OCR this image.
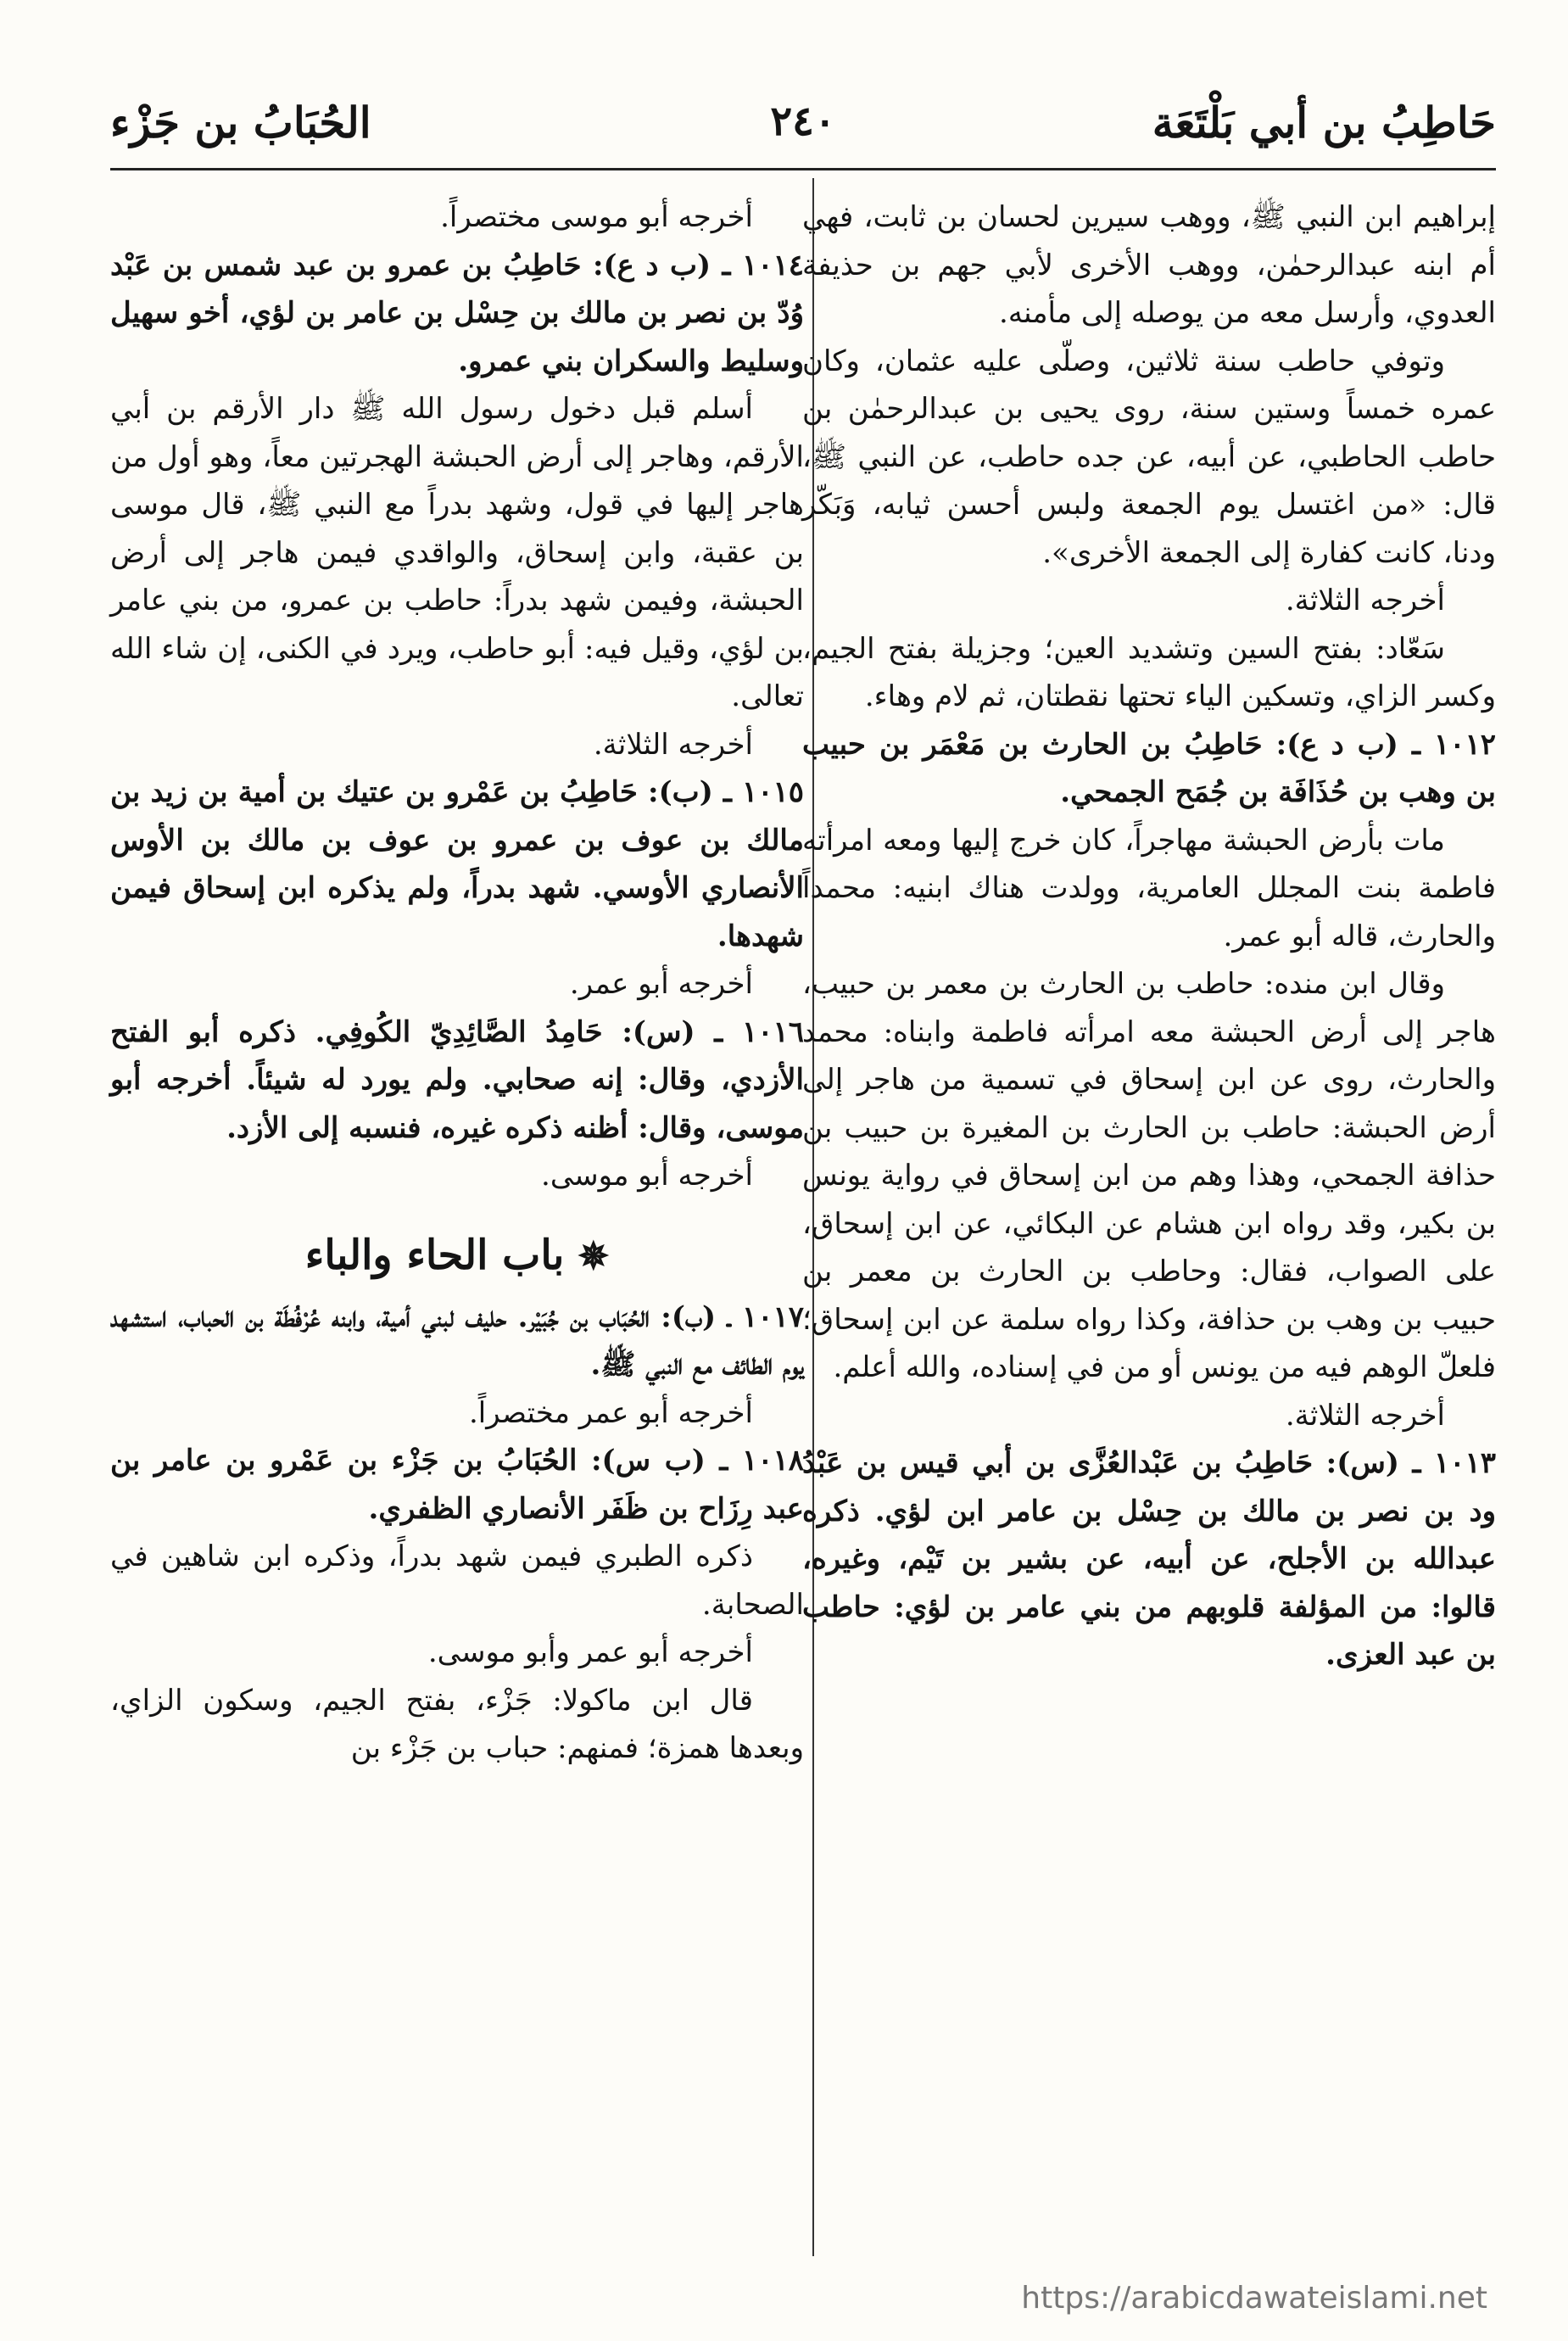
الحُبَابُ بن جَزْء	٢٤٠	حَاطِبُ بن أبي بَلْتَعَة

إبراهيم ابن النبي ﷺ، ووهب سيرين لحسان بن ثابت، فهي أم ابنه عبدالرحمٰن، ووهب الأخرى لأبي جهم بن حذيفة العدوي، وأرسل معه من يوصله إلى مأمنه.

وتوفي حاطب سنة ثلاثين، وصلّى عليه عثمان، وكان عمره خمساً وستين سنة، روى يحيى بن عبدالرحمٰن بن حاطب الحاطبي، عن أبيه، عن جده حاطب، عن النبي ﷺ، قال: «من اغتسل يوم الجمعة ولبس أحسن ثيابه، وَبَكّر ودنا، كانت كفارة إلى الجمعة الأخرى».

أخرجه الثلاثة.

سَعّاد: بفتح السين وتشديد العين؛ وجزيلة بفتح الجيم، وكسر الزاي، وتسكين الياء تحتها نقطتان، ثم لام وهاء.

١٠١٢ ـ (ب د ع): حَاطِبُ بن الحارث بن مَعْمَر بن حبيب بن وهب بن حُذَافَة بن جُمَح الجمحي.

مات بأرض الحبشة مهاجراً، كان خرج إليها ومعه امرأته فاطمة بنت المجلل العامرية، وولدت هناك ابنيه: محمداً والحارث، قاله أبو عمر.

وقال ابن منده: حاطب بن الحارث بن معمر بن حبيب، هاجر إلى أرض الحبشة معه امرأته فاطمة وابناه: محمد والحارث، روى عن ابن إسحاق في تسمية من هاجر إلى أرض الحبشة: حاطب بن الحارث بن المغيرة بن حبيب بن حذافة الجمحي، وهذا وهم من ابن إسحاق في رواية يونس بن بكير، وقد رواه ابن هشام عن البكائي، عن ابن إسحاق، على الصواب، فقال: وحاطب بن الحارث بن معمر بن حبيب بن وهب بن حذافة، وكذا رواه سلمة عن ابن إسحاق؛ فلعلّ الوهم فيه من يونس أو من في إسناده، والله أعلم.

أخرجه الثلاثة.

١٠١٣ ـ (س): حَاطِبُ بن عَبْدالعُزَّى بن أبي قيس بن عَبْدُ ود بن نصر بن مالك بن حِسْل بن عامر ابن لؤي. ذكره عبدالله بن الأجلح، عن أبيه، عن بشير بن تَيْم، وغيره، قالوا: من المؤلفة قلوبهم من بني عامر بن لؤي: حاطب بن عبد العزى.

أخرجه أبو موسى مختصراً.

١٠١٤ ـ (ب د ع): حَاطِبُ بن عمرو بن عبد شمس بن عَبْد وُدّ بن نصر بن مالك بن حِسْل بن عامر بن لؤي، أخو سهيل وسليط والسكران بني عمرو.

أسلم قبل دخول رسول الله ﷺ دار الأرقم بن أبي الأرقم، وهاجر إلى أرض الحبشة الهجرتين معاً، وهو أول من هاجر إليها في قول، وشهد بدراً مع النبي ﷺ، قال موسى بن عقبة، وابن إسحاق، والواقدي فيمن هاجر إلى أرض الحبشة، وفيمن شهد بدراً: حاطب بن عمرو، من بني عامر بن لؤي، وقيل فيه: أبو حاطب، ويرد في الكنى، إن شاء الله تعالى.

أخرجه الثلاثة.

١٠١٥ ـ (ب): حَاطِبُ بن عَمْرو بن عتيك بن أمية بن زيد بن مالك بن عوف بن عمرو بن عوف بن مالك بن الأوس الأنصاري الأوسي. شهد بدراً، ولم يذكره ابن إسحاق فيمن شهدها.

أخرجه أبو عمر.

١٠١٦ ـ (س): حَامِدُ الصَّائِدِيّ الكُوفِي. ذكره أبو الفتح الأزدي، وقال: إنه صحابي. ولم يورد له شيئاً. أخرجه أبو موسى، وقال: أظنه ذكره غيره، فنسبه إلى الأزد.

أخرجه أبو موسى.

✵باب الحاء والباء

١٠١٧ ـ (ب): الحُبَاب بن جُبَيْر. حليف لبني أمية، وابنه عُرْفُطَة بن الحباب، استشهد يوم الطائف مع النبي ﷺ.

أخرجه أبو عمر مختصراً.

١٠١٨ ـ (ب س): الحُبَابُ بن جَزْء بن عَمْرو بن عامر بن عبد رِزَاح بن ظَفَر الأنصاري الظفري.

ذكره الطبري فيمن شهد بدراً، وذكره ابن شاهين في الصحابة.

أخرجه أبو عمر وأبو موسى.

قال ابن ماكولا: جَزْء، بفتح الجيم، وسكون الزاي، وبعدها همزة؛ فمنهم: حباب بن جَزْء بن

https://arabicdawateislami.net
